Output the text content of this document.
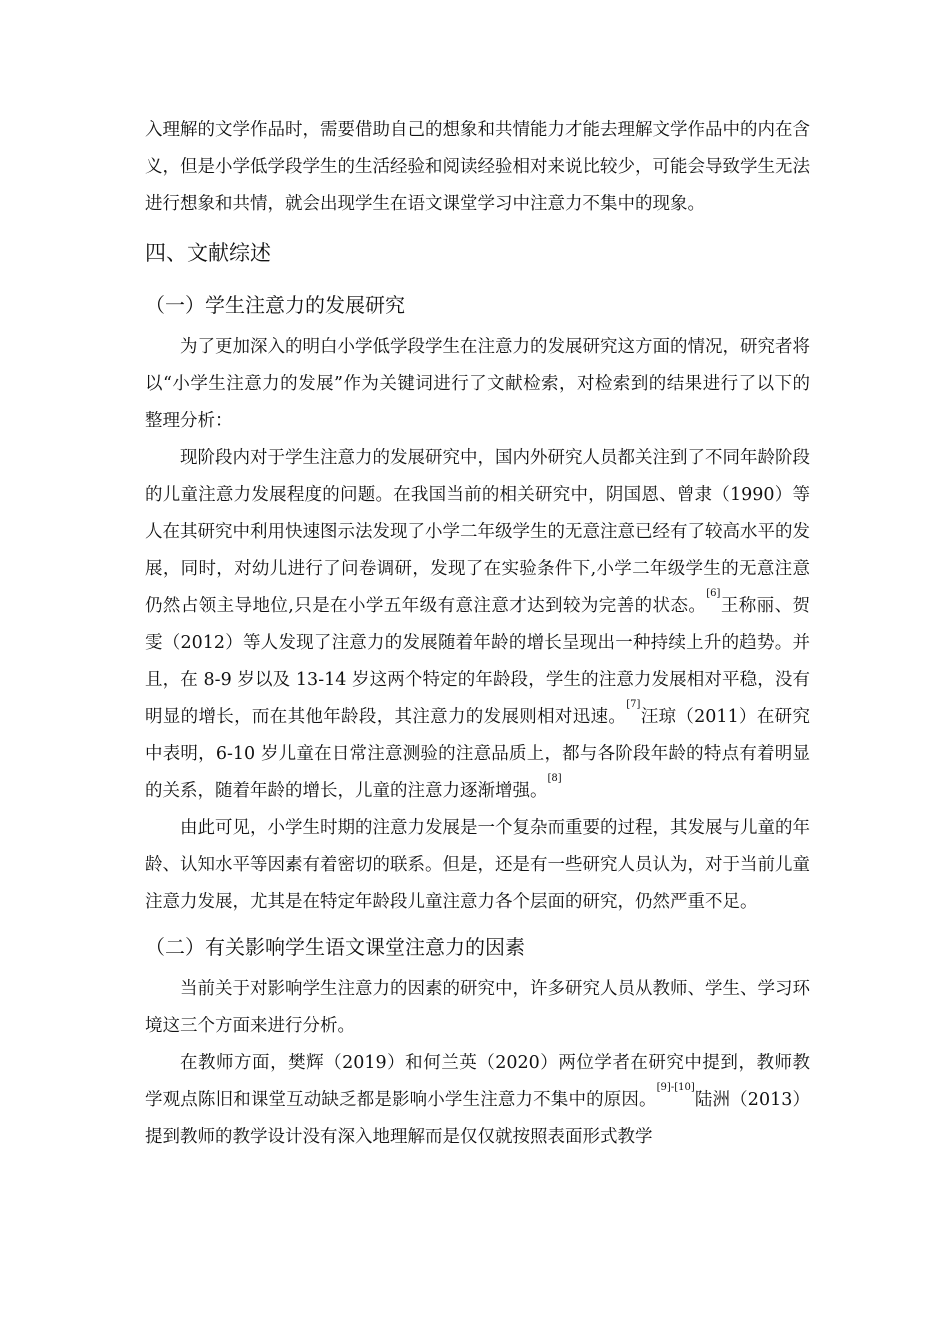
入理解的文学作品时，需要借助自己的想象和共情能力才能去理解文学作品中的内在含义，但是小学低学段学生的生活经验和阅读经验相对来说比较少，可能会导致学生无法进行想象和共情，就会出现学生在语文课堂学习中注意力不集中的现象。

四、文献综述
（一）学生注意力的发展研究

为了更加深入的明白小学低学段学生在注意力的发展研究这方面的情况，研究者将以“小学生注意力的发展”作为关键词进行了文献检索，对检索到的结果进行了以下的整理分析：

现阶段内对于学生注意力的发展研究中，国内外研究人员都关注到了不同年龄阶段的儿童注意力发展程度的问题。在我国当前的相关研究中，阴国恩、曾隶（1990）等人在其研究中利用快速图示法发现了小学二年级学生的无意注意已经有了较高水平的发展，同时，对幼儿进行了问卷调研，发现了在实验条件下,小学二年级学生的无意注意仍然占领主导地位,只是在小学五年级有意注意才达到较为完善的状态。[6]王称丽、贺雯（2012）等人发现了注意力的发展随着年龄的增长呈现出一种持续上升的趋势。并且，在 8-9 岁以及 13-14 岁这两个特定的年龄段，学生的注意力发展相对平稳，没有明显的增长，而在其他年龄段，其注意力的发展则相对迅速。[7]汪琼（2011）在研究中表明，6-10 岁儿童在日常注意测验的注意品质上，都与各阶段年龄的特点有着明显的关系，随着年龄的增长，儿童的注意力逐渐增强。[8]

由此可见，小学生时期的注意力发展是一个复杂而重要的过程，其发展与儿童的年龄、认知水平等因素有着密切的联系。但是，还是有一些研究人员认为，对于当前儿童注意力发展，尤其是在特定年龄段儿童注意力各个层面的研究，仍然严重不足。

（二）有关影响学生语文课堂注意力的因素

当前关于对影响学生注意力的因素的研究中，许多研究人员从教师、学生、学习环境这三个方面来进行分析。

在教师方面，樊辉（2019）和何兰英（2020）两位学者在研究中提到，教师教学观点陈旧和课堂互动缺乏都是影响小学生注意力不集中的原因。[9]-[10]陆洲（2013）提到教师的教学设计没有深入地理解而是仅仅就按照表面形式教学
